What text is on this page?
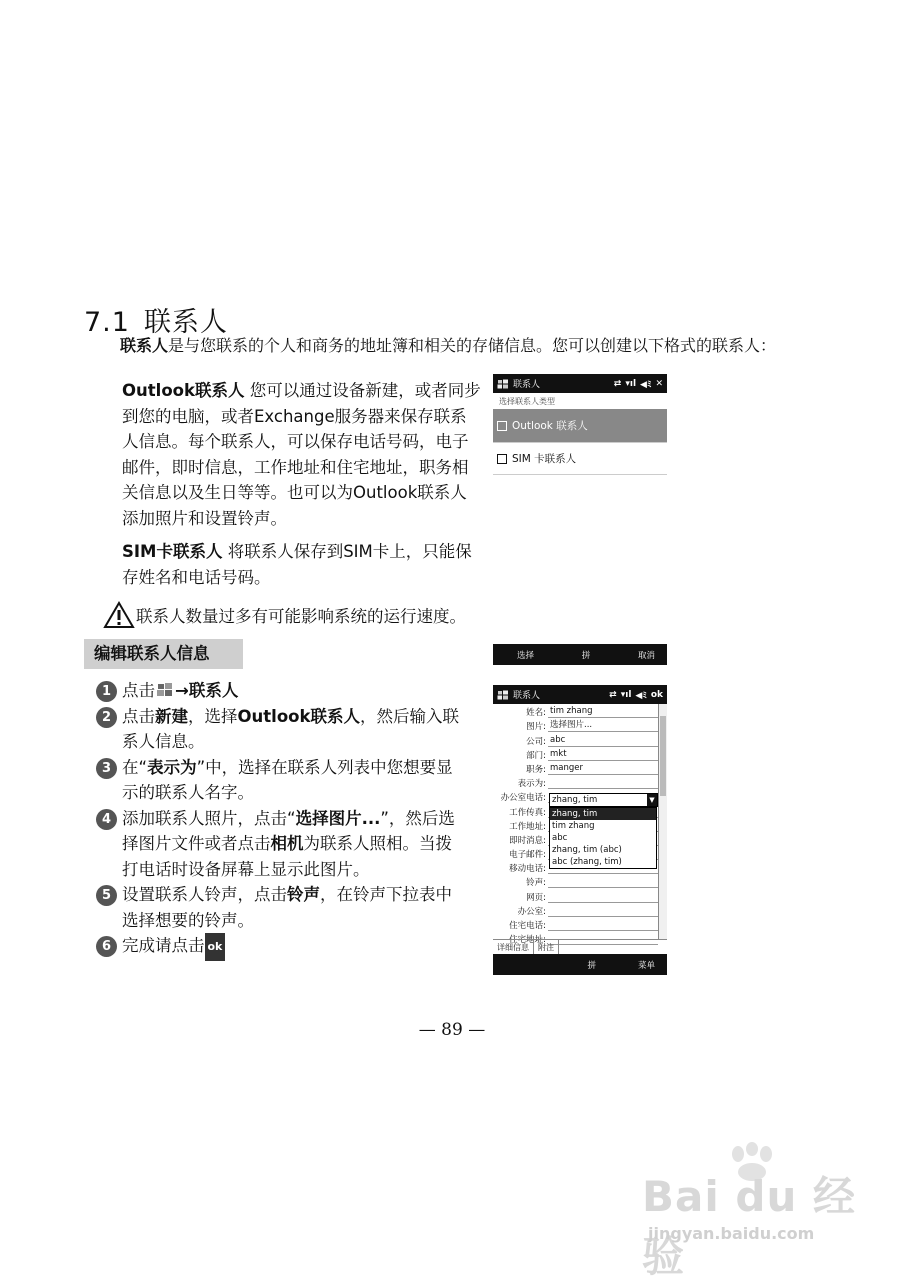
7.1 联系人
联系人是与您联系的个人和商务的地址簿和相关的存储信息。您可以创建以下格式的联系人：
Outlook联系人 您可以通过设备新建，或者同步到您的电脑，或者Exchange服务器来保存联系人信息。每个联系人，可以保存电话号码，电子邮件，即时信息，工作地址和住宅地址，职务相关信息以及生日等等。也可以为Outlook联系人添加照片和设置铃声。
SIM卡联系人 将联系人保存到SIM卡上，只能保存姓名和电话号码。
联系人数量过多有可能影响系统的运行速度。
编辑联系人信息
1 点击 →联系人
2 点击新建，选择Outlook联系人，然后输入联系人信息。
3 在“表示为”中，选择在联系人列表中您想要显示的联系人名字。
4 添加联系人照片，点击“选择图片...”，然后选择图片文件或者点击相机为联系人照相。当拨打电话时设备屏幕上显示此图片。
5 设置联系人铃声，点击铃声，在铃声下拉表中选择想要的铃声。
6 完成请点击 ok
联系人	⇄ ▾ıl ◀ﾐ ✕
选择联系人类型
Outlook 联系人
SIM 卡联系人
选择	拼	取消
联系人	⇄ ▾ıl ◀ﾐ ok
姓名: tim zhang
图片: 选择图片...
公司: abc
部门: mkt
职务: manger
表示为:
办公室电话:
工作传真:
工作地址:
即时消息:
电子邮件:
移动电话:
铃声:
网页:
办公室:
住宅电话:
住宅地址:
zhang, tim	▼
zhang, tim
tim zhang
abc
zhang, tim (abc)
abc (zhang, tim)
详细信息	附注
拼	菜单
— 89 —
Bai du 经验
jingyan.baidu.com
